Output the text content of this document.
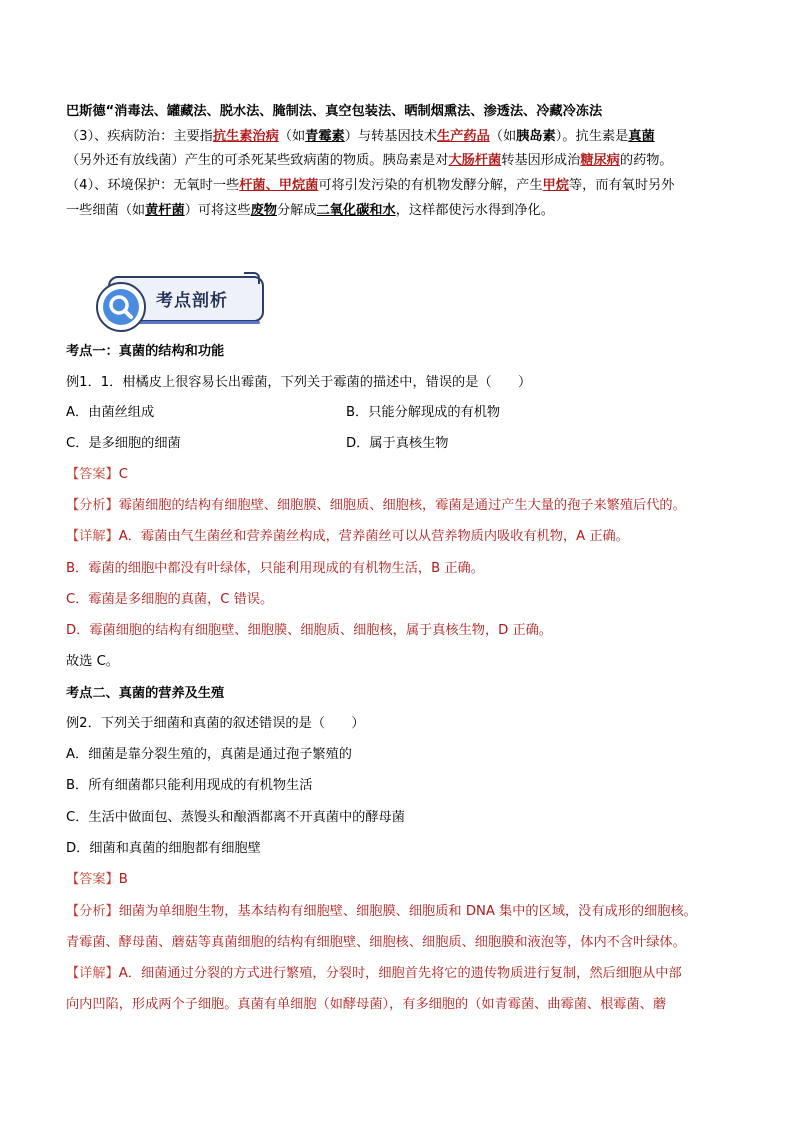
巴斯德“消毒法、罐藏法、脱水法、腌制法、真空包装法、晒制烟熏法、渗透法、冷藏冷冻法
（3）、疾病防治：主要指抗生素治病（如青霉素）与转基因技术生产药品（如胰岛素）。抗生素是真菌
（另外还有放线菌）产生的可杀死某些致病菌的物质。胰岛素是对大肠杆菌转基因形成治糖尿病的药物。
（4）、环境保护：无氧时一些杆菌、甲烷菌可将引发污染的有机物发酵分解，产生甲烷等，而有氧时另外
一些细菌（如黄杆菌）可将这些废物分解成二氧化碳和水，这样都使污水得到净化。
考点剖析
考点一：真菌的结构和功能
例1．1．柑橘皮上很容易长出霉菌，下列关于霉菌的描述中，错误的是（　　）
A．由菌丝组成	B．只能分解现成的有机物
C．是多细胞的细菌	D．属于真核生物
【答案】C
【分析】霉菌细胞的结构有细胞壁、细胞膜、细胞质、细胞核，霉菌是通过产生大量的孢子来繁殖后代的。
【详解】A．霉菌由气生菌丝和营养菌丝构成，营养菌丝可以从营养物质内吸收有机物，A 正确。
B．霉菌的细胞中都没有叶绿体，只能利用现成的有机物生活，B 正确。
C．霉菌是多细胞的真菌，C 错误。
D．霉菌细胞的结构有细胞壁、细胞膜、细胞质、细胞核，属于真核生物，D 正确。
故选 C。
考点二、真菌的营养及生殖
例2．下列关于细菌和真菌的叙述错误的是（　　）
A．细菌是靠分裂生殖的，真菌是通过孢子繁殖的
B．所有细菌都只能利用现成的有机物生活
C．生活中做面包、蒸馒头和酿酒都离不开真菌中的酵母菌
D．细菌和真菌的细胞都有细胞壁
【答案】B
【分析】细菌为单细胞生物，基本结构有细胞壁、细胞膜、细胞质和 DNA 集中的区域，没有成形的细胞核。
青霉菌、酵母菌、蘑菇等真菌细胞的结构有细胞壁、细胞核、细胞质、细胞膜和液泡等，体内不含叶绿体。
【详解】A．细菌通过分裂的方式进行繁殖，分裂时，细胞首先将它的遗传物质进行复制，然后细胞从中部
向内凹陷，形成两个子细胞。真菌有单细胞（如酵母菌），有多细胞的（如青霉菌、曲霉菌、根霉菌、蘑
